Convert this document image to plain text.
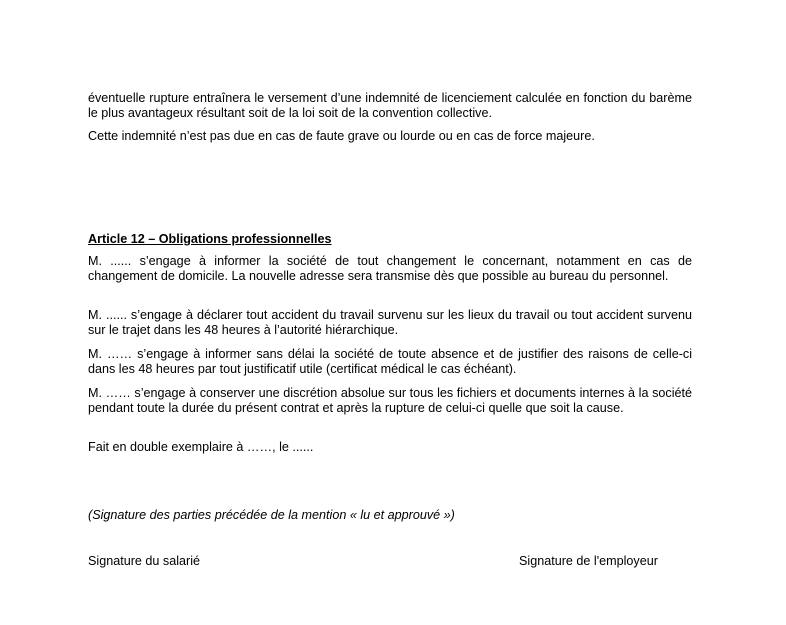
éventuelle rupture entraînera le versement d’une indemnité de licenciement calculée en fonction du barème le plus avantageux résultant soit de la loi soit de la convention collective.

Cette indemnité n’est pas due en cas de faute grave ou lourde ou en cas de force majeure.

Article 12 – Obligations professionnelles

M. ...... s’engage à informer la société de tout changement le concernant, notamment en cas de changement de domicile. La nouvelle adresse sera transmise dès que possible au bureau du personnel.

M. ...... s’engage à déclarer tout accident du travail survenu sur les lieux du travail ou tout accident survenu sur le trajet dans les 48 heures à l’autorité hiérarchique.

M. …… s’engage à informer sans délai la société de toute absence et de justifier des raisons de celle-ci dans les 48 heures par tout justificatif utile (certificat médical le cas échéant).

M. …… s’engage à conserver une discrétion absolue sur tous les fichiers et documents internes à la société pendant toute la durée du présent contrat et après la rupture de celui-ci quelle que soit la cause.

Fait en double exemplaire à ……, le ......

(Signature des parties précédée de la mention « lu et approuvé »)

Signature du salarié	Signature de l'employeur
